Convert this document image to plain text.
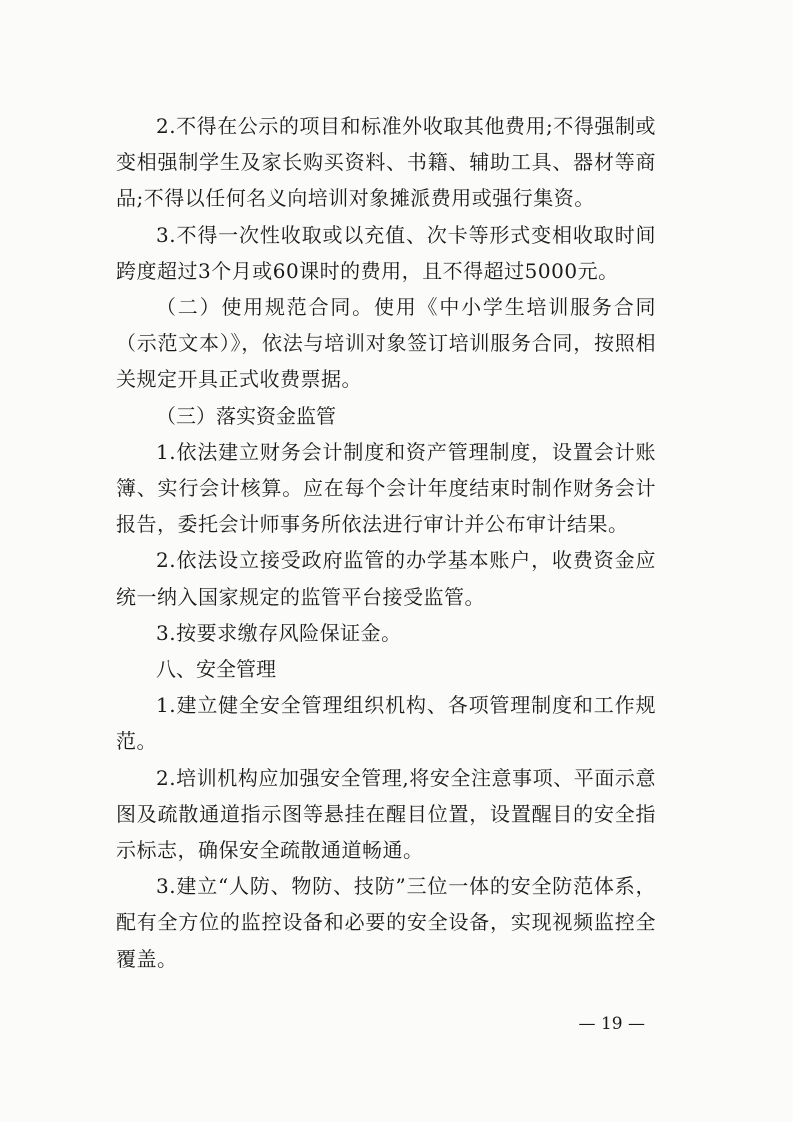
2.不得在公示的项目和标准外收取其他费用;不得强制或变相强制学生及家长购买资料、书籍、辅助工具、器材等商品;不得以任何名义向培训对象摊派费用或强行集资。

3.不得一次性收取或以充值、次卡等形式变相收取时间跨度超过3个月或60课时的费用，且不得超过5000元。

（二）使用规范合同。使用《中小学生培训服务合同（示范文本）》，依法与培训对象签订培训服务合同，按照相关规定开具正式收费票据。

（三）落实资金监管

1.依法建立财务会计制度和资产管理制度，设置会计账簿、实行会计核算。应在每个会计年度结束时制作财务会计报告，委托会计师事务所依法进行审计并公布审计结果。

2.依法设立接受政府监管的办学基本账户，收费资金应统一纳入国家规定的监管平台接受监管。

3.按要求缴存风险保证金。

八、安全管理

1.建立健全安全管理组织机构、各项管理制度和工作规范。

2.培训机构应加强安全管理,将安全注意事项、平面示意图及疏散通道指示图等悬挂在醒目位置，设置醒目的安全指示标志，确保安全疏散通道畅通。

3.建立“人防、物防、技防”三位一体的安全防范体系，配有全方位的监控设备和必要的安全设备，实现视频监控全覆盖。

— 19 —
